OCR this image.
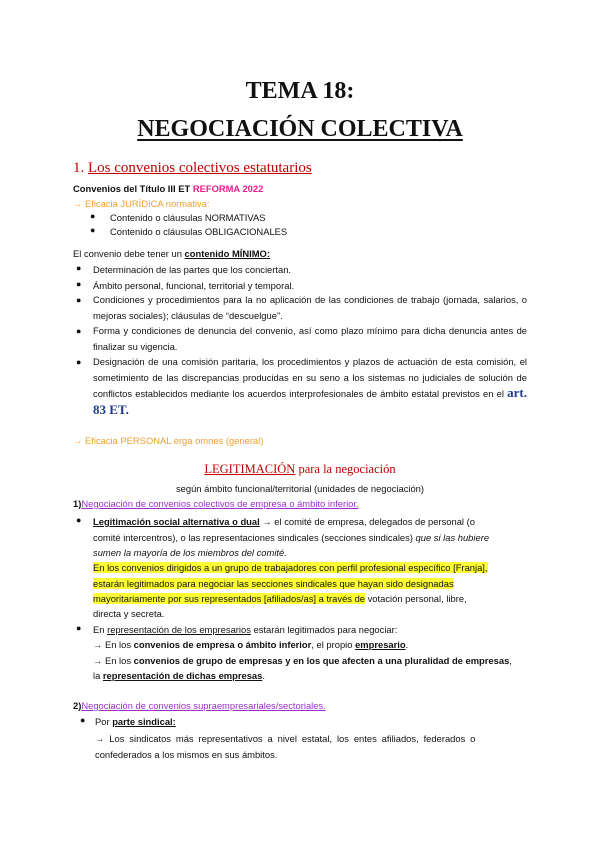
TEMA 18:
NEGOCIACIÓN COLECTIVA
1. Los convenios colectivos estatutarios
Convenios del Título III ET REFORMA 2022
→ Eficacia JURÍDICA normativa:
● Contenido o cláusulas NORMATIVAS
● Contenido o cláusulas OBLIGACIONALES
El convenio debe tener un contenido MÍNIMO:
● Determinación de las partes que los conciertan.
● Ámbito personal, funcional, territorial y temporal.
● Condiciones y procedimientos para la no aplicación de las condiciones de trabajo (jornada, salarios, o mejoras sociales); cláusulas de “descuelgue”.
● Forma y condiciones de denuncia del convenio, así como plazo mínimo para dicha denuncia antes de finalizar su vigencia.
● Designación de una comisión paritaria, los procedimientos y plazos de actuación de esta comisión, el sometimiento de las discrepancias producidas en su seno a los sistemas no judiciales de solución de conflictos establecidos mediante los acuerdos interprofesionales de ámbito estatal previstos en el art. 83 ET.
→ Eficacia PERSONAL erga omnes (general)
LEGITIMACIÓN para la negociación
según ámbito funcional/territorial (unidades de negociación)
1)Negociación de convenios colectivos de empresa o ámbito inferior.
● Legitimación social alternativa o dual → el comité de empresa, delegados de personal (o
comité intercentros), o las representaciones sindicales (secciones sindicales) que si las hubiere
sumen la mayoría de los miembros del comité.
En los convenios dirigidos a un grupo de trabajadores con perfil profesional específico [Franja],
estarán legitimados para negociar las secciones sindicales que hayan sido designadas
mayoritariamente por sus representados [afiliados/as] a través de votación personal, libre,
directa y secreta.
● En representación de los empresarios estarán legitimados para negociar:
→ En los convenios de empresa o ámbito inferior, el propio empresario.
→ En los convenios de grupo de empresas y en los que afecten a una pluralidad de empresas,
la representación de dichas empresas.
2)Negociación de convenios supraempresariales/sectoriales.
● Por parte sindical:
→ Los sindicatos más representativos a nivel estatal, los entes afiliados, federados o
confederados a los mismos en sus ámbitos.
